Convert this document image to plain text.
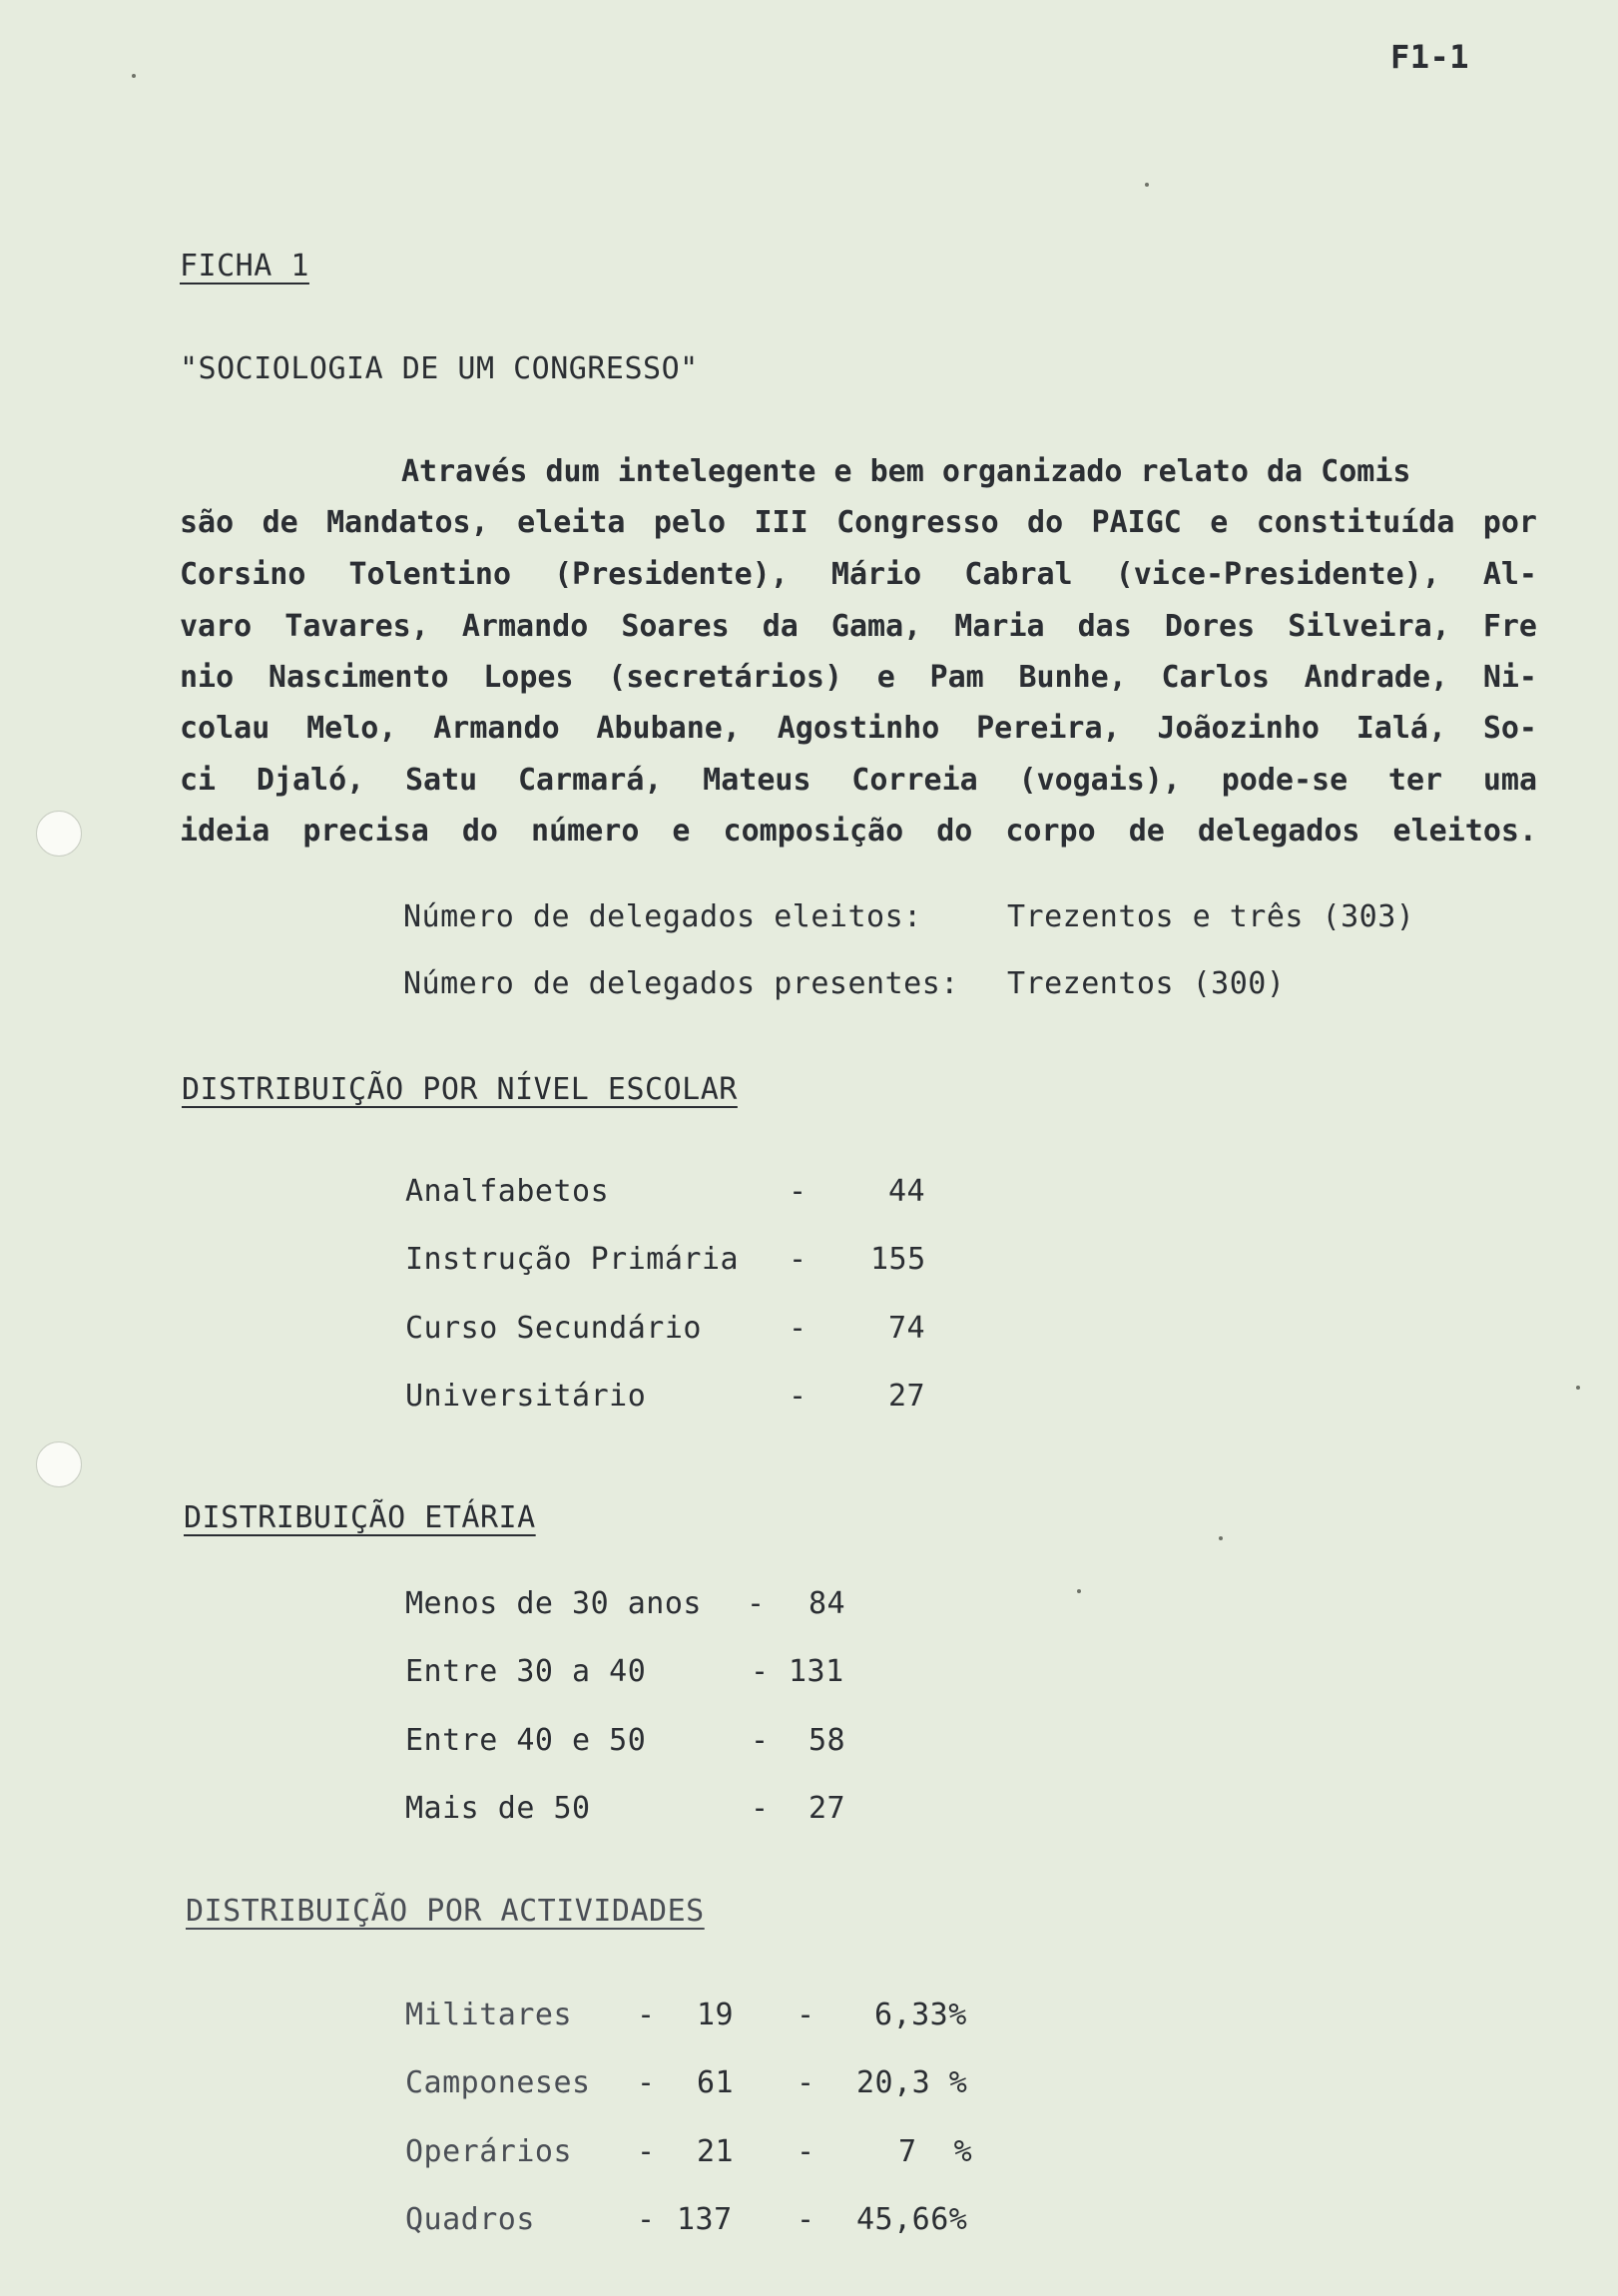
F1-1
FICHA 1
"SOCIOLOGIA DE UM CONGRESSO"
Através dum intelegente e bem organizado relato da Comis
são de Mandatos, eleita pelo III Congresso do PAIGC e constituída por
Corsino Tolentino (Presidente), Mário Cabral (vice-Presidente), Al-
varo Tavares, Armando Soares da Gama, Maria das Dores Silveira, Fre
nio Nascimento Lopes (secretários) e Pam Bunhe, Carlos Andrade, Ni-
colau Melo, Armando Abubane, Agostinho Pereira, Joãozinho Ialá, So-
ci Djaló, Satu Carmará, Mateus Correia (vogais), pode-se ter uma
ideia precisa do número e composição do corpo de delegados eleitos.
Número de delegados eleitos:	Trezentos e três (303)
Número de delegados presentes: Trezentos (300)
DISTRIBUIÇÃO POR NÍVEL ESCOLAR
Analfabetos	-	44
Instrução Primária - 155
Curso Secundário	-	74
Universitário	-	27
DISTRIBUIÇÃO ETÁRIA
Menos de 30 anos - 84
Entre 30 a 40	- 131
Entre 40 e 50	- 58
Mais de 50	- 27
DISTRIBUIÇÃO POR ACTIVIDADES
Militares - 19 - 6,33%
Camponeses - 61 - 20,3 %
Operários - 21 -	7  %
Quadros	- 137 - 45,66%
